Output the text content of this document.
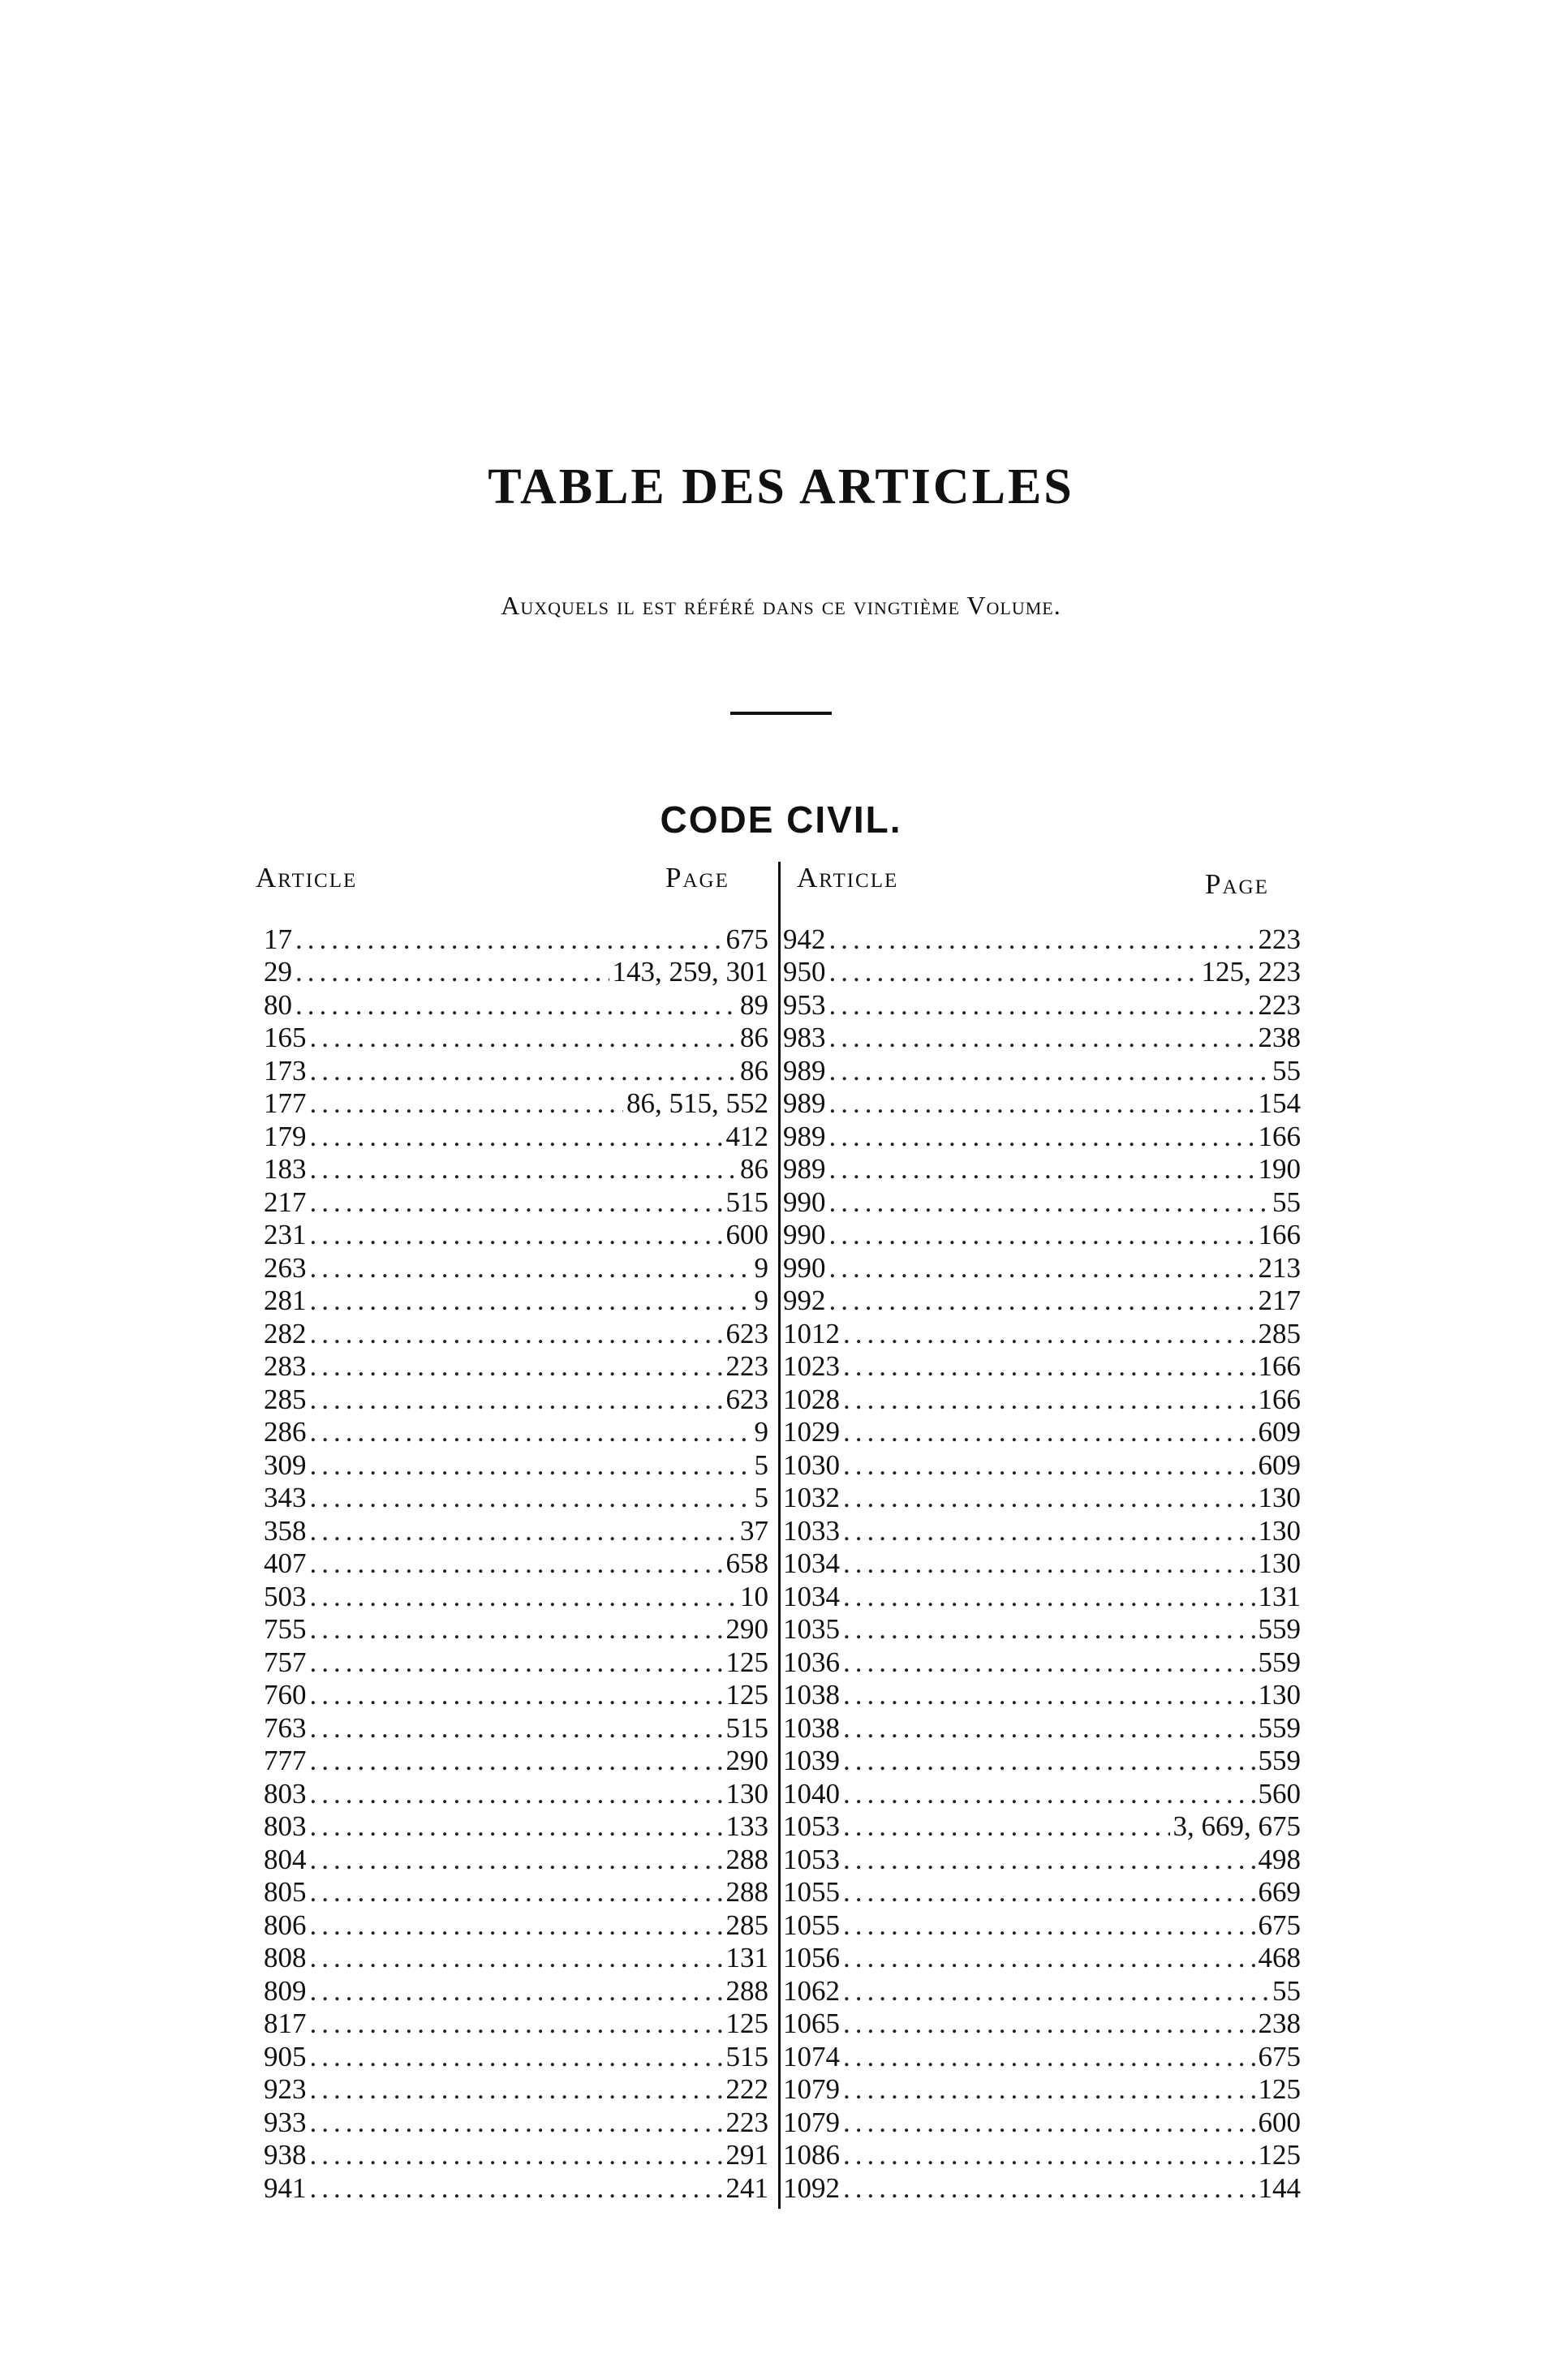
TABLE DES ARTICLES
Auxquels il est référé dans ce vingtième Volume.
CODE CIVIL.
Article	Page Article	Page
17 .....	675
29 .....	143, 259, 301
80 .....	89
165 .....	86
173 .....	86
177 .....	86, 515, 552
179 .....	412
183 .....	86
217 .....	515
231 .....	600
263 .....	9
281 .....	9
282 .....	623
283 .....	223
285 .....	623
286 .....	9
309 .....	5
343 .....	5
358 .....	37
407 .....	658
503 .....	10
755 .....	290
757 .....	125
760 .....	125
763 .....	515
777 .....	290
803 .....	130
803 .....	133
804 .....	288
805 .....	288
806 .....	285
808 .....	131
809 .....	288
817 .....	125
905 .....	515
923 .....	222
933 .....	223
938 .....	291
941 .....	241
942 .....	223
950 .....	125, 223
953 .....	223
983 .....	238
989 .....	55
989 .....	154
989 .....	166
989 .....	190
990 .....	55
990 .....	166
990 .....	213
992 .....	217
1012 .....	285
1023 .....	166
1028 .....	166
1029 .....	609
1030 .....	609
1032 .....	130
1033 .....	130
1034 .....	130
1034 .....	131
1035 .....	559
1036 .....	559
1038 .....	130
1038 .....	559
1039 .....	559
1040 .....	560
1053 .....	3, 669, 675
1053 .....	498
1055 .....	669
1055 .....	675
1056 .....	468
1062 .....	55
1065 .....	238
1074 .....	675
1079 .....	125
1079 .....	600
1086 .....	125
1092 .....	144
